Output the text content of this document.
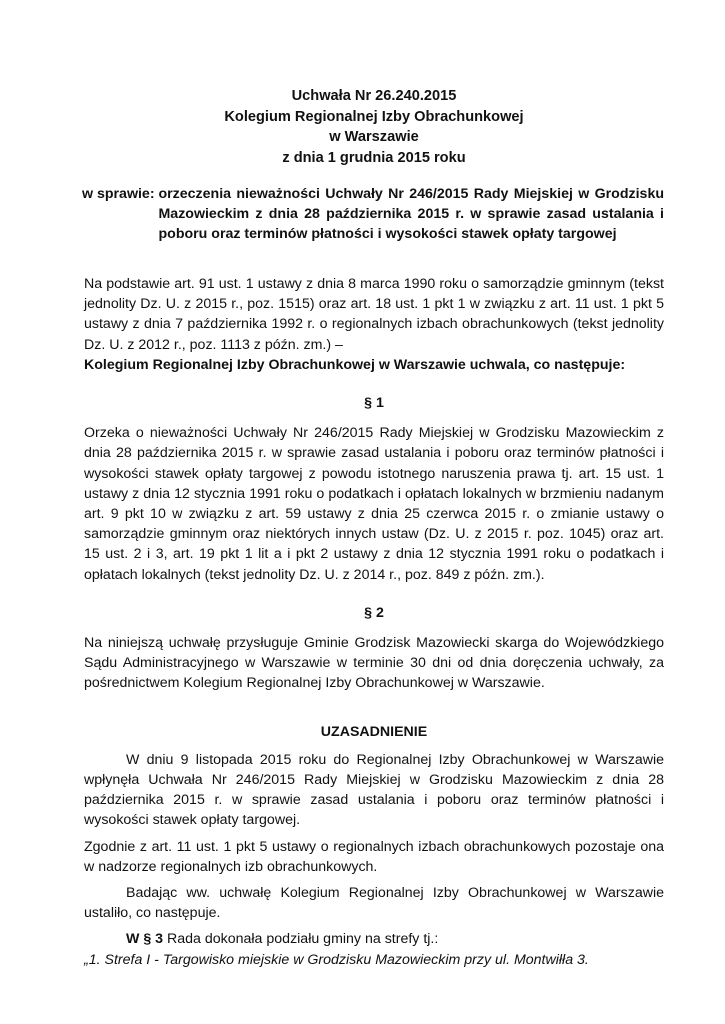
Uchwała Nr 26.240.2015
Kolegium Regionalnej Izby Obrachunkowej
w Warszawie
z dnia 1 grudnia 2015 roku
w sprawie: orzeczenia nieważności Uchwały Nr 246/2015 Rady Miejskiej w Grodzisku Mazowieckim z dnia 28 października 2015 r. w sprawie zasad ustalania i poboru oraz terminów płatności i wysokości stawek opłaty targowej

Na podstawie art. 91 ust. 1 ustawy z dnia 8 marca 1990 roku o samorządzie gminnym (tekst jednolity Dz. U. z 2015 r., poz. 1515) oraz art. 18 ust. 1 pkt 1 w związku z art. 11 ust. 1 pkt 5 ustawy z dnia 7 października 1992 r. o regionalnych izbach obrachunkowych (tekst jednolity Dz. U. z 2012 r., poz. 1113 z późn. zm.) –

Kolegium Regionalnej Izby Obrachunkowej w Warszawie uchwala, co następuje:

§ 1

Orzeka o nieważności Uchwały Nr 246/2015 Rady Miejskiej w Grodzisku Mazowieckim z dnia 28 października 2015 r. w sprawie zasad ustalania i poboru oraz terminów płatności i wysokości stawek opłaty targowej z powodu istotnego naruszenia prawa tj. art. 15 ust. 1 ustawy z dnia 12 stycznia 1991 roku o podatkach i opłatach lokalnych w brzmieniu nadanym art. 9 pkt 10 w związku z art. 59 ustawy z dnia 25 czerwca 2015 r. o zmianie ustawy o samorządzie gminnym oraz niektórych innych ustaw (Dz. U. z 2015 r. poz. 1045) oraz art. 15 ust. 2 i 3, art. 19 pkt 1 lit a i pkt 2 ustawy z dnia 12 stycznia 1991 roku o podatkach i opłatach lokalnych (tekst jednolity Dz. U. z 2014 r., poz. 849 z późn. zm.).

§ 2

Na niniejszą uchwałę przysługuje Gminie Grodzisk Mazowiecki skarga do Wojewódzkiego Sądu Administracyjnego w Warszawie w terminie 30 dni od dnia doręczenia uchwały, za pośrednictwem Kolegium Regionalnej Izby Obrachunkowej w Warszawie.

UZASADNIENIE

W dniu 9 listopada 2015 roku do Regionalnej Izby Obrachunkowej w Warszawie wpłynęła Uchwała Nr 246/2015 Rady Miejskiej w Grodzisku Mazowieckim z dnia 28 października 2015 r. w sprawie zasad ustalania i poboru oraz terminów płatności i wysokości stawek opłaty targowej.

Zgodnie z art. 11 ust. 1 pkt 5 ustawy o regionalnych izbach obrachunkowych pozostaje ona w nadzorze regionalnych izb obrachunkowych.

Badając ww. uchwałę Kolegium Regionalnej Izby Obrachunkowej w Warszawie ustaliło, co następuje.

W § 3 Rada dokonała podziału gminy na strefy tj.:

„1. Strefa I - Targowisko miejskie w Grodzisku Mazowieckim przy ul. Montwiłła 3.
